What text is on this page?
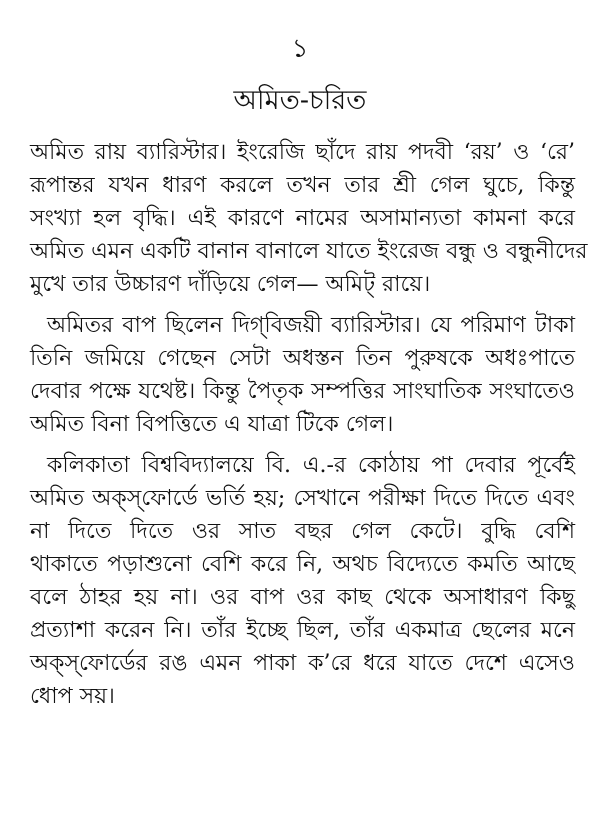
১
অমিত-চরিত
অমিত রায় ব্যারিস্টার। ইংরেজি ছাঁদে রায় পদবী ‘রয়’ ও ‘রে’
রূপান্তর যখন ধারণ করলে তখন তার শ্রী গেল ঘুচে, কিন্তু
সংখ্যা হল বৃদ্ধি। এই কারণে নামের অসামান্যতা কামনা করে
অমিত এমন একটি বানান বানালে যাতে ইংরেজ বন্ধু ও বন্ধুনীদের
মুখে তার উচ্চারণ দাঁড়িয়ে গেল— অমিট্ রায়ে।
অমিতর বাপ ছিলেন দিগ্‌বিজয়ী ব্যারিস্টার। যে পরিমাণ টাকা
তিনি জমিয়ে গেছেন সেটা অধস্তন তিন পুরুষকে অধঃপাতে
দেবার পক্ষে যথেষ্ট। কিন্তু পৈতৃক সম্পত্তির সাংঘাতিক সংঘাতেও
অমিত বিনা বিপত্তিতে এ যাত্রা টিকে গেল।
কলিকাতা বিশ্ববিদ্যালয়ে বি. এ.-র কোঠায় পা দেবার পূর্বেই
অমিত অক্‌স্‌ফোর্ডে ভর্তি হয়; সেখানে পরীক্ষা দিতে দিতে এবং
না দিতে দিতে ওর সাত বছর গেল কেটে। বুদ্ধি বেশি
থাকাতে পড়াশুনো বেশি করে নি, অথচ বিদ্যেতে কমতি আছে
বলে ঠাহর হয় না। ওর বাপ ওর কাছ থেকে অসাধারণ কিছু
প্রত্যাশা করেন নি। তাঁর ইচ্ছে ছিল, তাঁর একমাত্র ছেলের মনে
অক্‌স্‌ফোর্ডের রঙ এমন পাকা ক’রে ধরে যাতে দেশে এসেও
ধোপ সয়।
